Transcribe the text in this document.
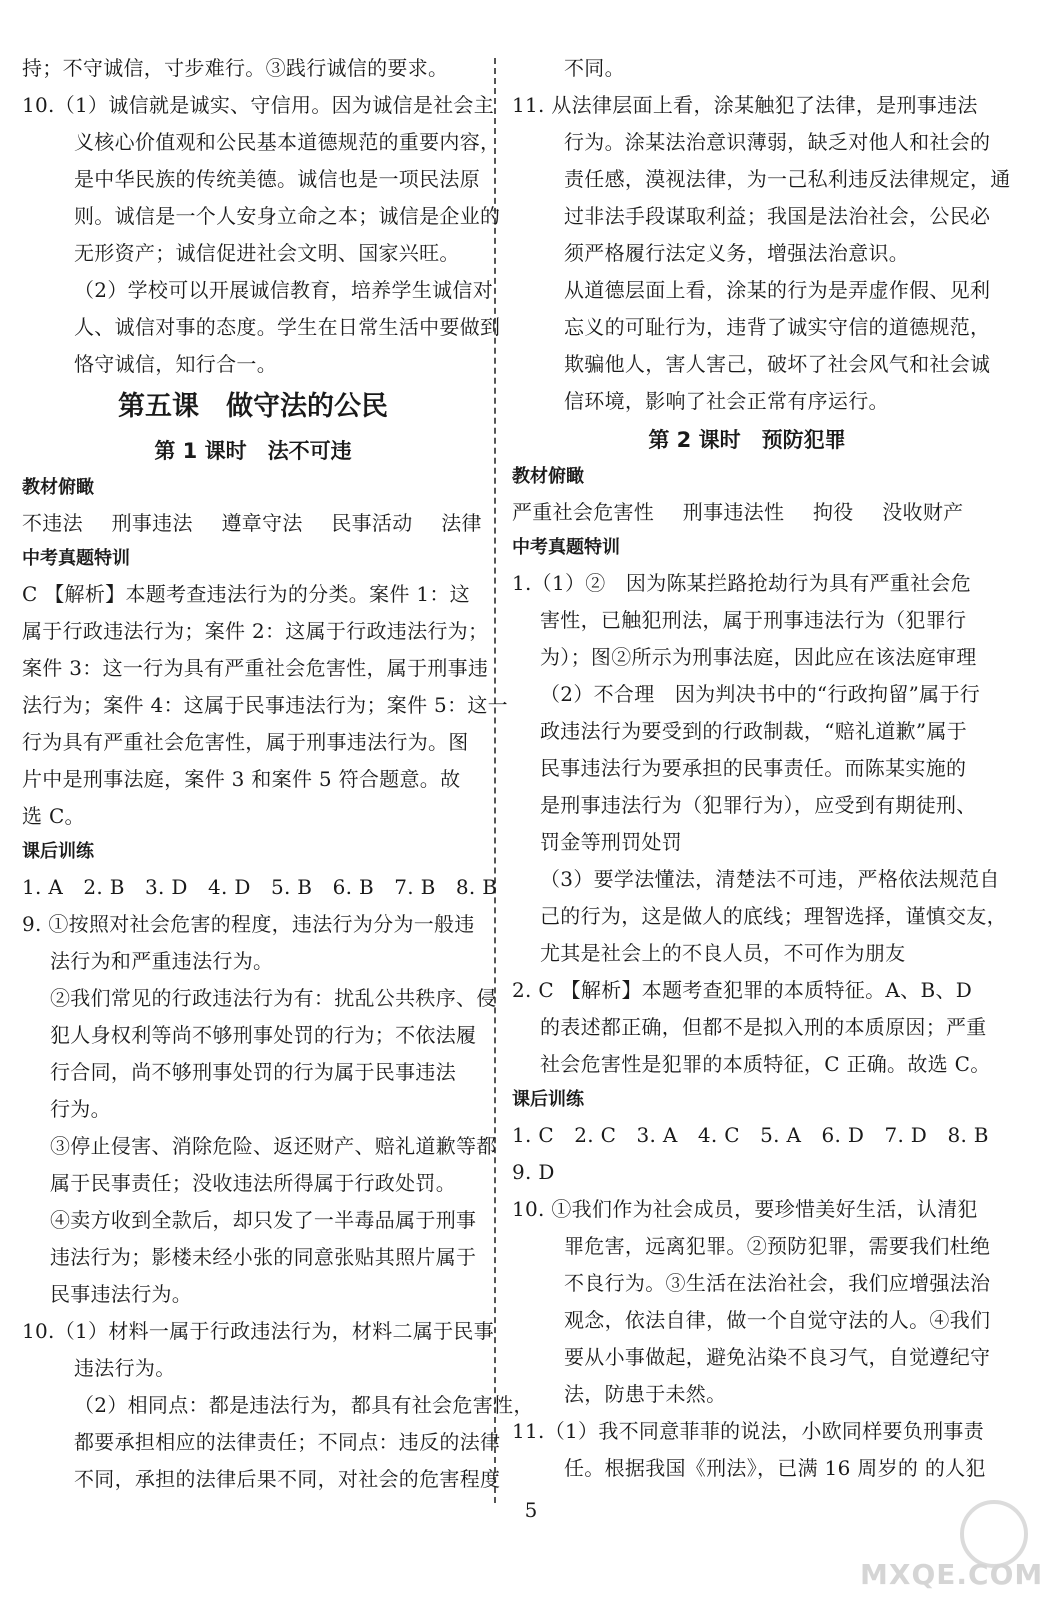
持；不守诚信，寸步难行。③践行诚信的要求。
10.（1）诚信就是诚实、守信用。因为诚信是社会主
义核心价值观和公民基本道德规范的重要内容，
是中华民族的传统美德。诚信也是一项民法原
则。诚信是一个人安身立命之本；诚信是企业的
无形资产；诚信促进社会文明、国家兴旺。
（2）学校可以开展诚信教育，培养学生诚信对
人、诚信对事的态度。学生在日常生活中要做到
恪守诚信，知行合一。
第五课　做守法的公民
第 1 课时　法不可违
教材俯瞰
不违法 刑事违法 遵章守法 民事活动 法律
中考真题特训
C 【解析】本题考查违法行为的分类。案件 1：这
属于行政违法行为；案件 2：这属于行政违法行为；
案件 3：这一行为具有严重社会危害性，属于刑事违
法行为；案件 4：这属于民事违法行为；案件 5：这一
行为具有严重社会危害性，属于刑事违法行为。图
片中是刑事法庭，案件 3 和案件 5 符合题意。故
选 C。
课后训练
1. A　2. B　3. D　4. D　5. B　6. B　7. B　8. B
9. ①按照对社会危害的程度，违法行为分为一般违
法行为和严重违法行为。
②我们常见的行政违法行为有：扰乱公共秩序、侵
犯人身权利等尚不够刑事处罚的行为；不依法履
行合同，尚不够刑事处罚的行为属于民事违法
行为。
③停止侵害、消除危险、返还财产、赔礼道歉等都
属于民事责任；没收违法所得属于行政处罚。
④卖方收到全款后，却只发了一半毒品属于刑事
违法行为；影楼未经小张的同意张贴其照片属于
民事违法行为。
10.（1）材料一属于行政违法行为，材料二属于民事
违法行为。
（2）相同点：都是违法行为，都具有社会危害性，
都要承担相应的法律责任；不同点：违反的法律
不同，承担的法律后果不同，对社会的危害程度
不同。
11. 从法律层面上看，涂某触犯了法律，是刑事违法
行为。涂某法治意识薄弱，缺乏对他人和社会的
责任感，漠视法律，为一己私利违反法律规定，通
过非法手段谋取利益；我国是法治社会，公民必
须严格履行法定义务，增强法治意识。
从道德层面上看，涂某的行为是弄虚作假、见利
忘义的可耻行为，违背了诚实守信的道德规范，
欺骗他人，害人害己，破坏了社会风气和社会诚
信环境，影响了社会正常有序运行。
第 2 课时　预防犯罪
教材俯瞰
严重社会危害性 刑事违法性 拘役 没收财产
中考真题特训
1.（1）②　因为陈某拦路抢劫行为具有严重社会危
害性，已触犯刑法，属于刑事违法行为（犯罪行
为）；图②所示为刑事法庭，因此应在该法庭审理
（2）不合理　因为判决书中的“行政拘留”属于行
政违法行为要受到的行政制裁，“赔礼道歉”属于
民事违法行为要承担的民事责任。而陈某实施的
是刑事违法行为（犯罪行为），应受到有期徒刑、
罚金等刑罚处罚
（3）要学法懂法，清楚法不可违，严格依法规范自
己的行为，这是做人的底线；理智选择，谨慎交友，
尤其是社会上的不良人员，不可作为朋友
2. C 【解析】本题考查犯罪的本质特征。A、B、D
的表述都正确，但都不是拟入刑的本质原因；严重
社会危害性是犯罪的本质特征，C 正确。故选 C。
课后训练
1. C　2. C　3. A　4. C　5. A　6. D　7. D　8. B
9. D
10. ①我们作为社会成员，要珍惜美好生活，认清犯
罪危害，远离犯罪。②预防犯罪，需要我们杜绝
不良行为。③生活在法治社会，我们应增强法治
观念，依法自律，做一个自觉守法的人。④我们
要从小事做起，避免沾染不良习气，自觉遵纪守
法，防患于未然。
11.（1）我不同意菲菲的说法，小欧同样要负刑事责
任。根据我国《刑法》，已满 16 周岁的 的人犯
5
MXQE.COM
